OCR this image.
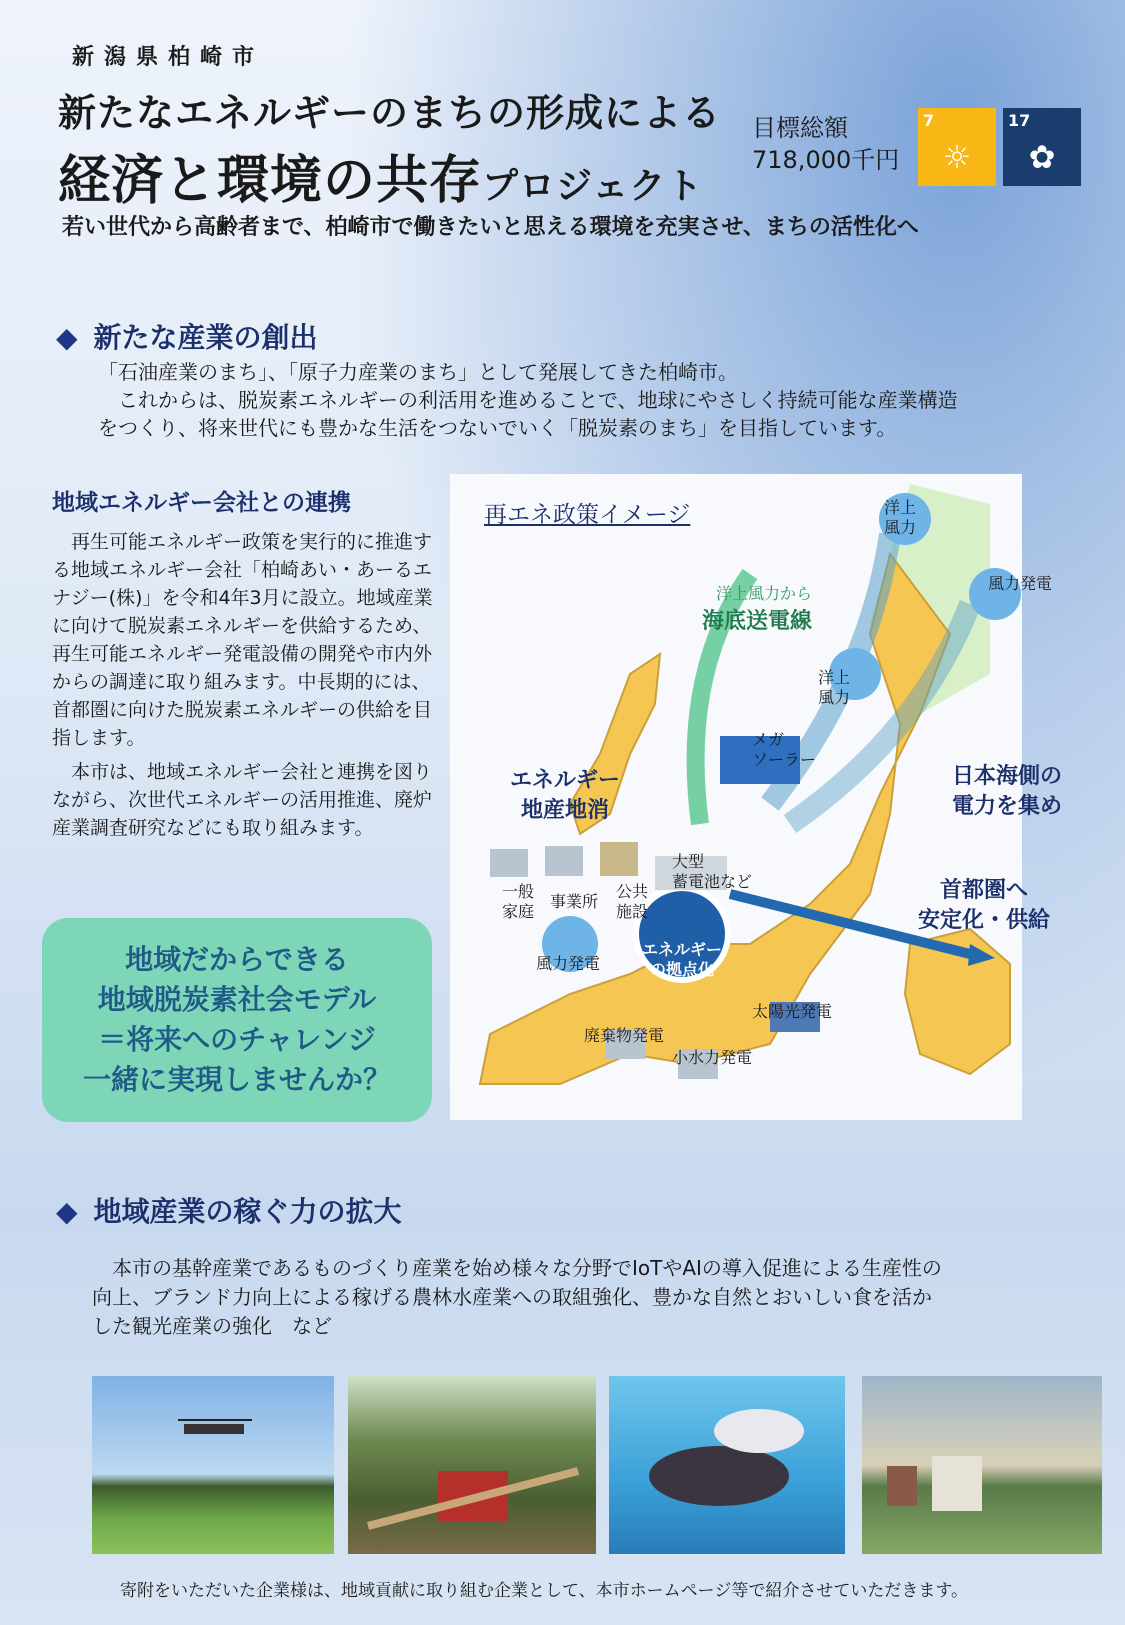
新潟県柏崎市
新たなエネルギーのまちの形成による
経済と環境の共存プロジェクト
目標総額
718,000千円
7
☼
17
✿
若い世代から高齢者まで、柏崎市で働きたいと思える環境を充実させ、まちの活性化へ
◆ 新たな産業の創出
「石油産業のまち」、「原子力産業のまち」として発展してきた柏崎市。
　これからは、脱炭素エネルギーの利活用を進めることで、地球にやさしく持続可能な産業構造
をつくり、将来世代にも豊かな生活をつないでいく「脱炭素のまち」を目指しています。
地域エネルギー会社との連携

再生可能エネルギー政策を実行的に推進する地域エネルギー会社「柏崎あい・あーるエナジー(株)」を令和4年3月に設立。地域産業に向けて脱炭素エネルギーを供給するため、再生可能エネルギー発電設備の開発や市内外からの調達に取り組みます。中長期的には、首都圏に向けた脱炭素エネルギーの供給を目指します。

本市は、地域エネルギー会社と連携を図りながら、次世代エネルギーの活用推進、廃炉産業調査研究などにも取り組みます。

地域だからできる
地域脱炭素社会モデル
＝将来へのチャレンジ
一緒に実現しませんか？
再エネ政策イメージ	洋上
風力
風力発電
洋上風力から
海底送電線
洋上
風力
メガ
ソーラー
エネルギー
地産地消
日本海側の
電力を集め
大型
蓄電池など	首都圏へ
安定化・供給
一般
家庭
事業所
公共
施設
エネルギー
の拠点化
風力発電
太陽光発電
廃棄物発電
小水力発電
◆ 地域産業の稼ぐ力の拡大
　本市の基幹産業であるものづくり産業を始め様々な分野でIoTやAIの導入促進による生産性の
向上、ブランド力向上による稼げる農林水産業への取組強化、豊かな自然とおいしい食を活か
した観光産業の強化　など
寄附をいただいた企業様は、地域貢献に取り組む企業として、本市ホームページ等で紹介させていただきます。
